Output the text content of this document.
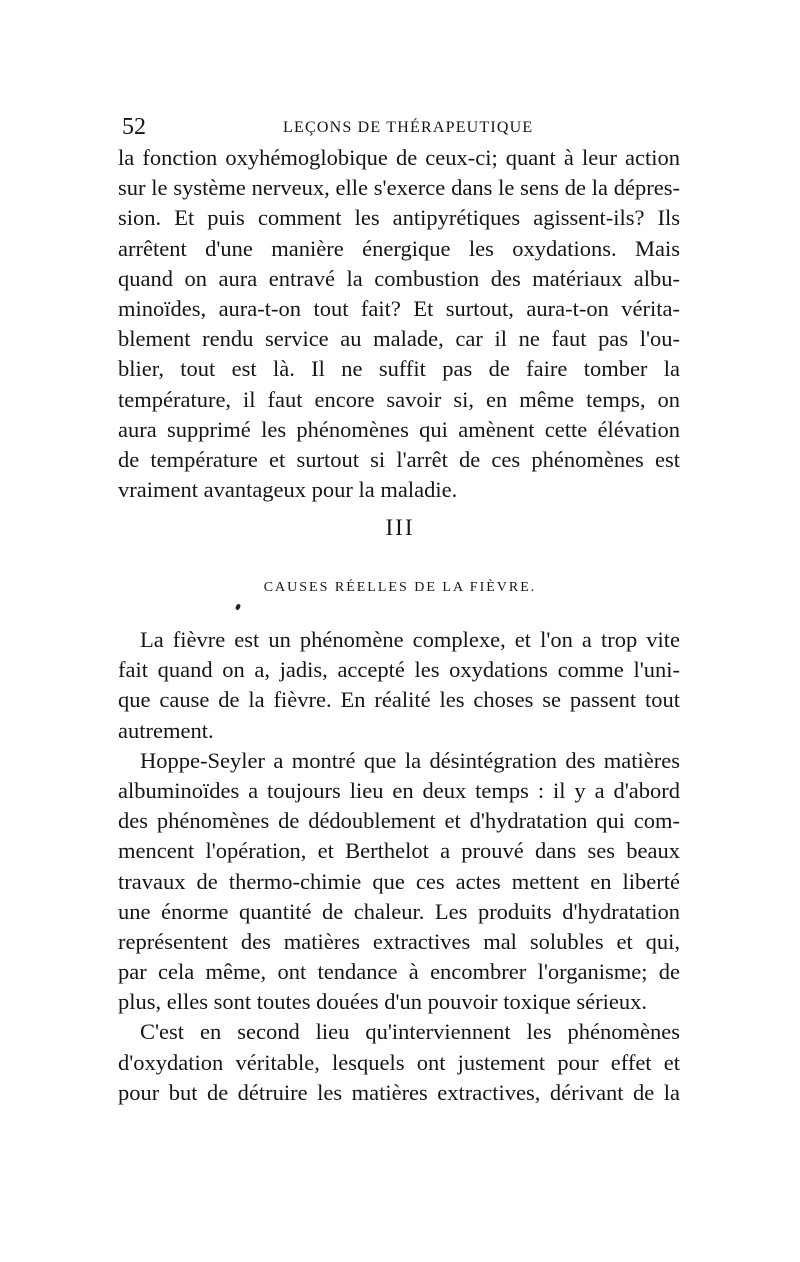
52	LEÇONS DE THÉRAPEUTIQUE
la fonction oxyhémoglobique de ceux-ci; quant à leur action
sur le système nerveux, elle s'exerce dans le sens de la dépres-
sion. Et puis comment les antipyrétiques agissent-ils? Ils
arrêtent d'une manière énergique les oxydations. Mais
quand on aura entravé la combustion des matériaux albu-
minoïdes, aura-t-on tout fait? Et surtout, aura-t-on vérita-
blement rendu service au malade, car il ne faut pas l'ou-
blier, tout est là. Il ne suffit pas de faire tomber la
température, il faut encore savoir si, en même temps, on
aura supprimé les phénomènes qui amènent cette élévation
de température et surtout si l'arrêt de ces phénomènes est
vraiment avantageux pour la maladie.
III
CAUSES RÉELLES DE LA FIÈVRE.
La fièvre est un phénomène complexe, et l'on a trop vite
fait quand on a, jadis, accepté les oxydations comme l'uni-
que cause de la fièvre. En réalité les choses se passent tout
autrement.
Hoppe-Seyler a montré que la désintégration des matières
albuminoïdes a toujours lieu en deux temps : il y a d'abord
des phénomènes de dédoublement et d'hydratation qui com-
mencent l'opération, et Berthelot a prouvé dans ses beaux
travaux de thermo-chimie que ces actes mettent en liberté
une énorme quantité de chaleur. Les produits d'hydratation
représentent des matières extractives mal solubles et qui,
par cela même, ont tendance à encombrer l'organisme; de
plus, elles sont toutes douées d'un pouvoir toxique sérieux.
C'est en second lieu qu'interviennent les phénomènes
d'oxydation véritable, lesquels ont justement pour effet et
pour but de détruire les matières extractives, dérivant de la
